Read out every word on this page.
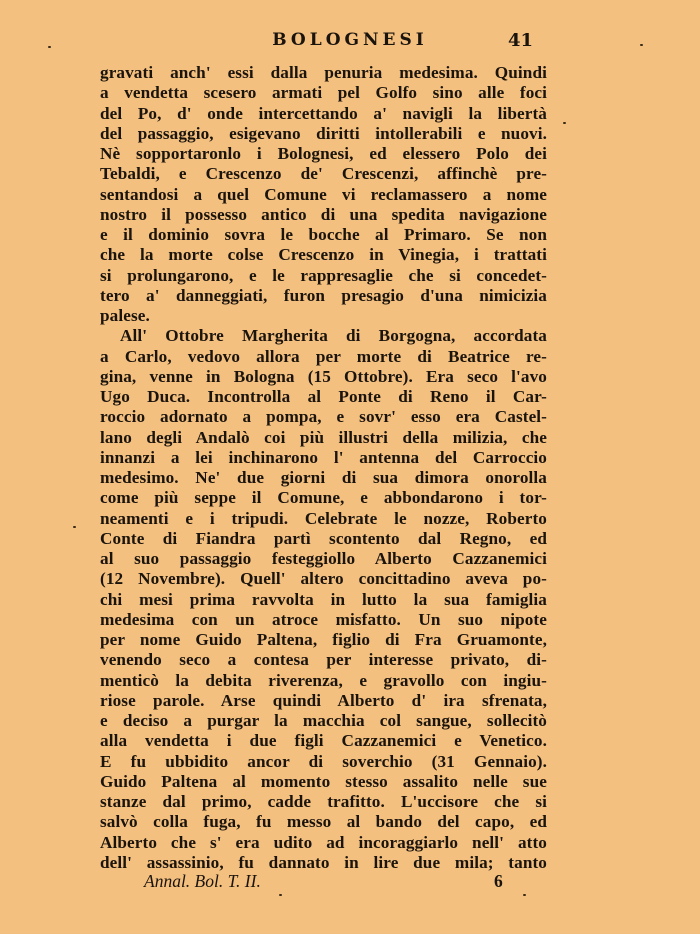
BOLOGNESI	41
gravati anch' essi dalla penuria medesima. Quindi
a vendetta scesero armati pel Golfo sino alle foci
del Po, d' onde intercettando a' navigli la libertà
del passaggio, esigevano diritti intollerabili e nuovi.
Nè sopportaronlo i Bolognesi, ed elessero Polo dei
Tebaldi, e Crescenzo de' Crescenzi, affinchè pre-
sentandosi a quel Comune vi reclamassero a nome
nostro il possesso antico di una spedita navigazione
e il dominio sovra le bocche al Primaro. Se non
che la morte colse Crescenzo in Vinegia, i trattati
si prolungarono, e le rappresaglie che si concedet-
tero a' danneggiati, furon presagio d'una nimicizia
palese.
All' Ottobre Margherita di Borgogna, accordata
a Carlo, vedovo allora per morte di Beatrice re-
gina, venne in Bologna (15 Ottobre). Era seco l'avo
Ugo Duca. Incontrolla al Ponte di Reno il Car-
roccio adornato a pompa, e sovr' esso era Castel-
lano degli Andalò coi più illustri della milizia, che
innanzi a lei inchinarono l' antenna del Carroccio
medesimo. Ne' due giorni di sua dimora onorolla
come più seppe il Comune, e abbondarono i tor-
neamenti e i tripudi. Celebrate le nozze, Roberto
Conte di Fiandra partì scontento dal Regno, ed
al suo passaggio festeggiollo Alberto Cazzanemici
(12 Novembre). Quell' altero concittadino aveva po-
chi mesi prima ravvolta in lutto la sua famiglia
medesima con un atroce misfatto. Un suo nipote
per nome Guido Paltena, figlio di Fra Gruamonte,
venendo seco a contesa per interesse privato, di-
menticò la debita riverenza, e gravollo con ingiu-
riose parole. Arse quindi Alberto d' ira sfrenata,
e deciso a purgar la macchia col sangue, sollecitò
alla vendetta i due figli Cazzanemici e Venetico.
E fu ubbidito ancor di soverchio (31 Gennaio).
Guido Paltena al momento stesso assalito nelle sue
stanze dal primo, cadde trafitto. L'uccisore che si
salvò colla fuga, fu messo al bando del capo, ed
Alberto che s' era udito ad incoraggiarlo nell' atto
dell' assassinio, fu dannato in lire due mila; tanto
Annal. Bol. T. II.	6
